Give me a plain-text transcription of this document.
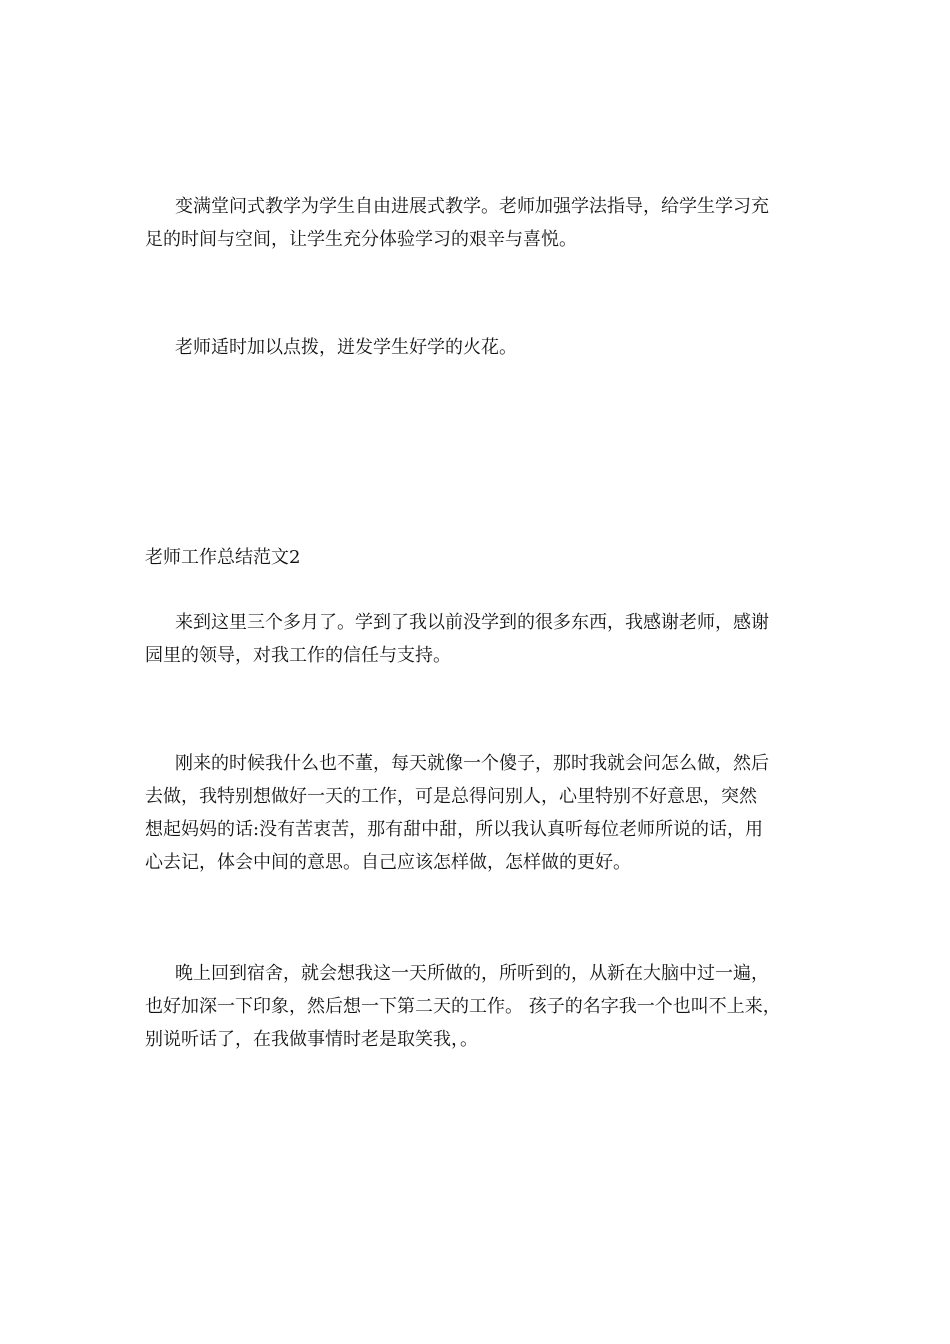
变满堂问式教学为学生自由进展式教学。老师加强学法指导，给学生学习充
足的时间与空间，让学生充分体验学习的艰辛与喜悦。
老师适时加以点拨，迸发学生好学的火花。
老师工作总结范文2
来到这里三个多月了。学到了我以前没学到的很多东西，我感谢老师，感谢
园里的领导，对我工作的信任与支持。
刚来的时候我什么也不董，每天就像一个傻子，那时我就会问怎么做，然后
去做，我特别想做好一天的工作，可是总得问别人，心里特别不好意思，突然
想起妈妈的话:没有苦衷苦，那有甜中甜，所以我认真听每位老师所说的话，用
心去记，体会中间的意思。自己应该怎样做，怎样做的更好。
晚上回到宿舍，就会想我这一天所做的，所听到的，从新在大脑中过一遍，
也好加深一下印象，然后想一下第二天的工作。 孩子的名字我一个也叫不上来，
别说听话了，在我做事情时老是取笑我，。
